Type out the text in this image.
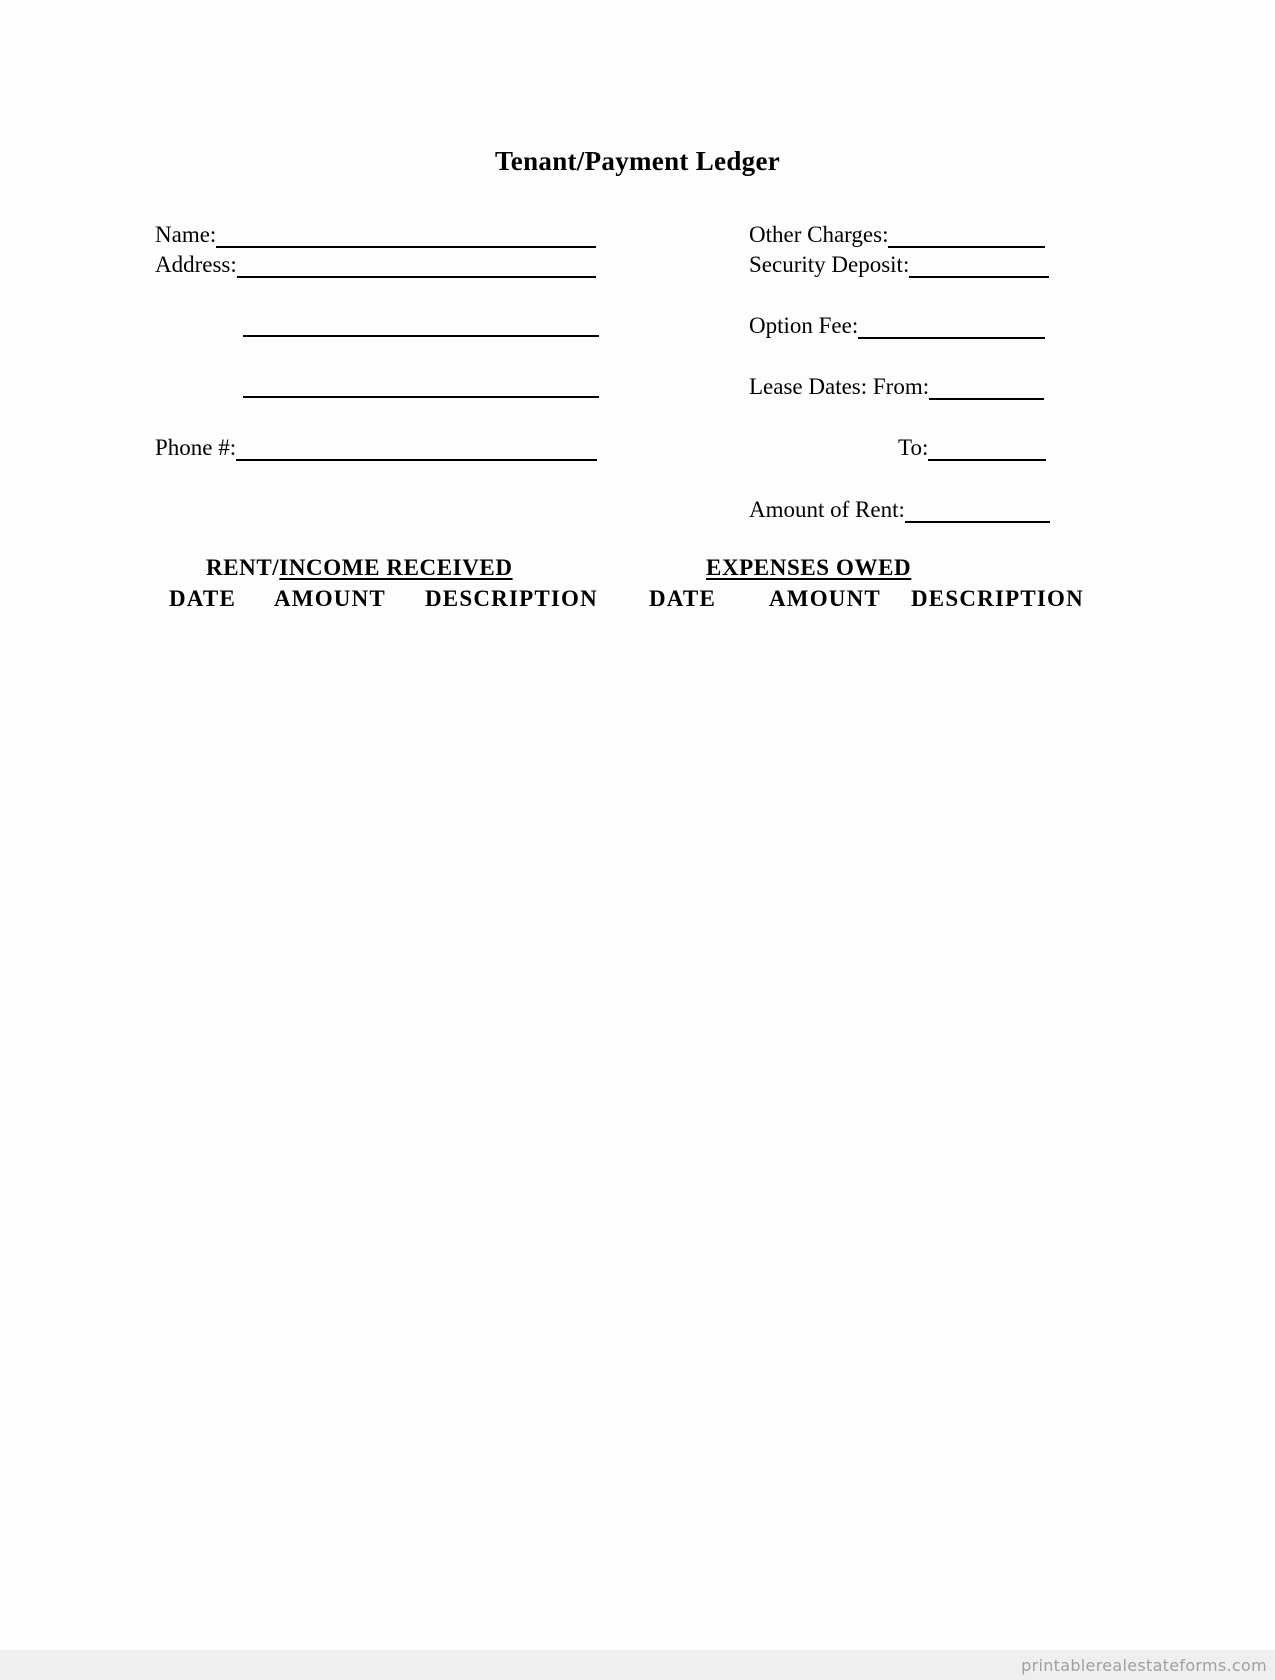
Tenant/Payment Ledger
Name:
Address:
Phone #:
Other Charges:
Security Deposit:
Option Fee:
Lease Dates: From:
To:
Amount of Rent:
RENT/INCOME RECEIVED	EXPENSES OWED
DATE AMOUNT DESCRIPTION DATE AMOUNT DESCRIPTION
printablerealestateforms.com
